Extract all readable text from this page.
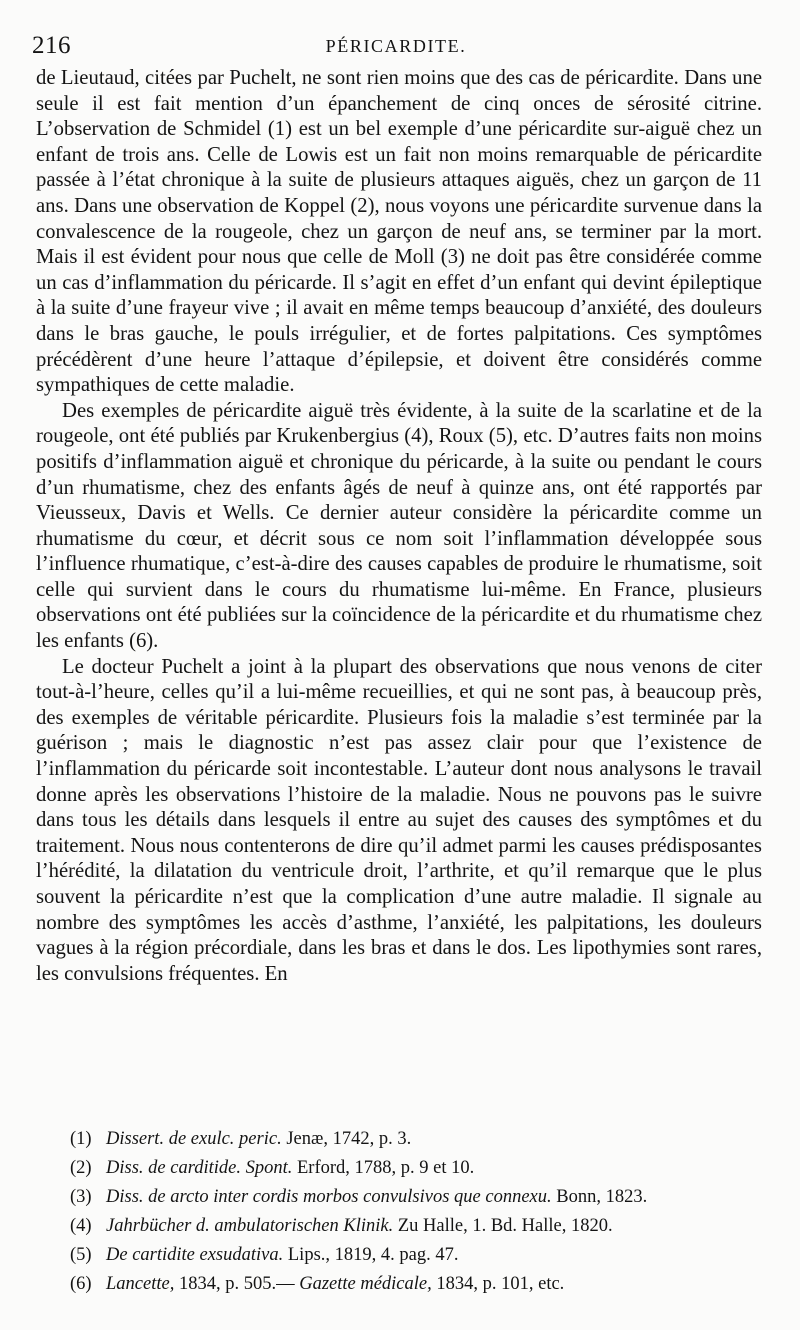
216	PÉRICARDITE.

de Lieutaud, citées par Puchelt, ne sont rien moins que des cas de péricardite. Dans une seule il est fait mention d’un épanchement de cinq onces de sérosité citrine. L’observation de Schmidel (1) est un bel exemple d’une péricardite sur-aiguë chez un enfant de trois ans. Celle de Lowis est un fait non moins remarquable de péricardite passée à l’état chronique à la suite de plusieurs attaques aiguës, chez un garçon de 11 ans. Dans une observation de Koppel (2), nous voyons une péricardite survenue dans la convalescence de la rougeole, chez un garçon de neuf ans, se terminer par la mort. Mais il est évident pour nous que celle de Moll (3) ne doit pas être considérée comme un cas d’inflammation du péricarde. Il s’agit en effet d’un enfant qui devint épileptique à la suite d’une frayeur vive ; il avait en même temps beaucoup d’anxiété, des douleurs dans le bras gauche, le pouls irrégulier, et de fortes palpitations. Ces symptômes précédèrent d’une heure l’attaque d’épilepsie, et doivent être considérés comme sympathiques de cette maladie.

Des exemples de péricardite aiguë très évidente, à la suite de la scarlatine et de la rougeole, ont été publiés par Krukenbergius (4), Roux (5), etc. D’autres faits non moins positifs d’inflammation aiguë et chronique du péricarde, à la suite ou pendant le cours d’un rhumatisme, chez des enfants âgés de neuf à quinze ans, ont été rapportés par Vieusseux, Davis et Wells. Ce dernier auteur considère la péricardite comme un rhumatisme du cœur, et décrit sous ce nom soit l’inflammation développée sous l’influence rhumatique, c’est-à-dire des causes capables de produire le rhumatisme, soit celle qui survient dans le cours du rhumatisme lui-même. En France, plusieurs observations ont été publiées sur la coïncidence de la péricardite et du rhumatisme chez les enfants (6).

Le docteur Puchelt a joint à la plupart des observations que nous venons de citer tout-à-l’heure, celles qu’il a lui-même recueillies, et qui ne sont pas, à beaucoup près, des exemples de véritable péricardite. Plusieurs fois la maladie s’est terminée par la guérison ; mais le diagnostic n’est pas assez clair pour que l’existence de l’inflammation du péricarde soit incontestable. L’auteur dont nous analysons le travail donne après les observations l’histoire de la maladie. Nous ne pouvons pas le suivre dans tous les détails dans lesquels il entre au sujet des causes des symptômes et du traitement. Nous nous contenterons de dire qu’il admet parmi les causes prédisposantes l’hérédité, la dilatation du ventricule droit, l’arthrite, et qu’il remarque que le plus souvent la péricardite n’est que la complication d’une autre maladie. Il signale au nombre des symptômes les accès d’asthme, l’anxiété, les palpitations, les douleurs vagues à la région précordiale, dans les bras et dans le dos. Les lipothymies sont rares, les convulsions fréquentes. En

(1) Dissert. de exulc. peric. Jenæ, 1742, p. 3.
(2) Diss. de carditide. Spont. Erford, 1788, p. 9 et 10.
(3) Diss. de arcto inter cordis morbos convulsivos que connexu. Bonn, 1823.
(4) Jahrbücher d. ambulatorischen Klinik. Zu Halle, 1. Bd. Halle, 1820.
(5) De cartidite exsudativa. Lips., 1819, 4. pag. 47.
(6) Lancette, 1834, p. 505.— Gazette médicale, 1834, p. 101, etc.
